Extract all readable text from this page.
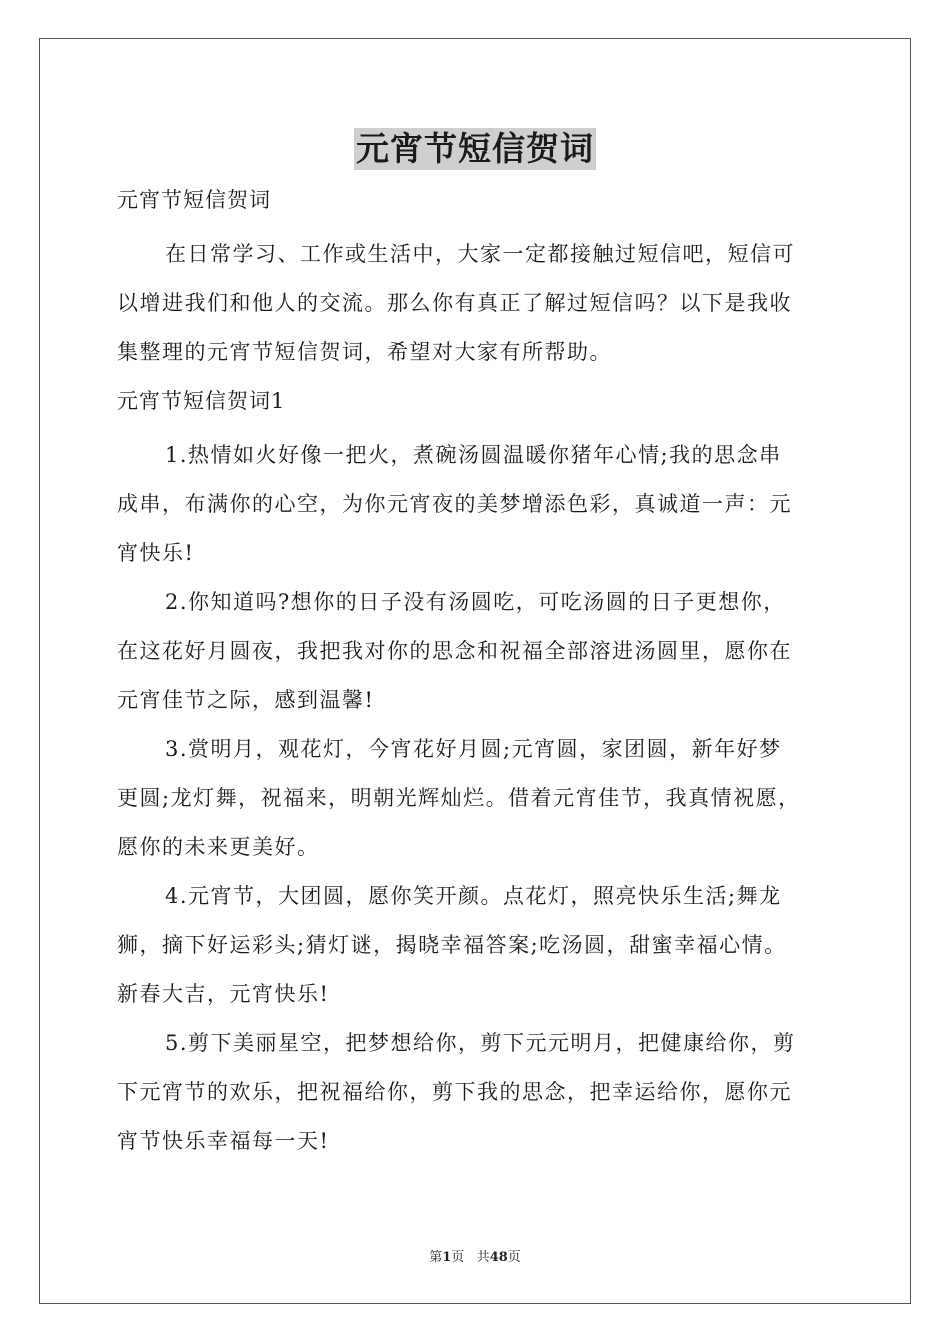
元宵节短信贺词
元宵节短信贺词
在日常学习、工作或生活中，大家一定都接触过短信吧，短信可
以增进我们和他人的交流。那么你有真正了解过短信吗？以下是我收
集整理的元宵节短信贺词，希望对大家有所帮助。
元宵节短信贺词1
1.热情如火好像一把火，煮碗汤圆温暖你猪年心情;我的思念串
成串，布满你的心空，为你元宵夜的美梦增添色彩，真诚道一声：元
宵快乐!
2.你知道吗?想你的日子没有汤圆吃，可吃汤圆的日子更想你，
在这花好月圆夜，我把我对你的思念和祝福全部溶进汤圆里，愿你在
元宵佳节之际，感到温馨!
3.赏明月，观花灯，今宵花好月圆;元宵圆，家团圆，新年好梦
更圆;龙灯舞，祝福来，明朝光辉灿烂。借着元宵佳节，我真情祝愿，
愿你的未来更美好。
4.元宵节，大团圆，愿你笑开颜。点花灯，照亮快乐生活;舞龙
狮，摘下好运彩头;猜灯谜，揭晓幸福答案;吃汤圆，甜蜜幸福心情。
新春大吉，元宵快乐!
5.剪下美丽星空，把梦想给你，剪下元元明月，把健康给你，剪
下元宵节的欢乐，把祝福给你，剪下我的思念，把幸运给你，愿你元
宵节快乐幸福每一天!
第1页 共48页
